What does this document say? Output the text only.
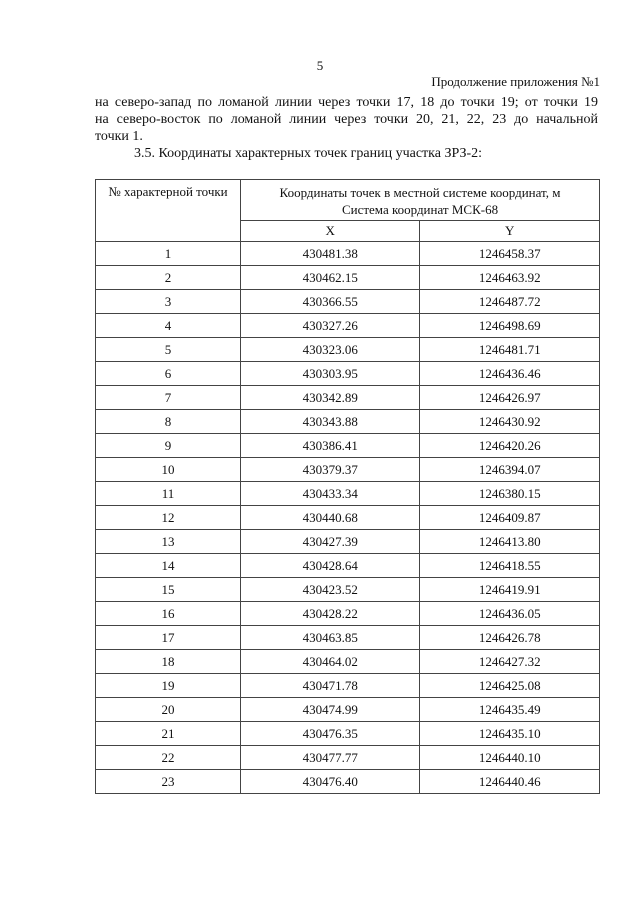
5
Продолжение приложения №1
на северо-запад по ломаной линии через точки 17, 18 до точки 19; от точки 19
на северо-восток по ломаной линии через точки 20, 21, 22, 23 до начальной
точки 1.
3.5. Координаты характерных точек границ участка ЗРЗ-2:
№ характерной точки	Координаты точек в местной системе координат, м
Система координат МСК-68	

	X	Y
1	430481.38	1246458.37
2	430462.15	1246463.92
3	430366.55	1246487.72
4	430327.26	1246498.69
5	430323.06	1246481.71
6	430303.95	1246436.46
7	430342.89	1246426.97
8	430343.88	1246430.92
9	430386.41	1246420.26
10	430379.37	1246394.07
11	430433.34	1246380.15
12	430440.68	1246409.87
13	430427.39	1246413.80
14	430428.64	1246418.55
15	430423.52	1246419.91
16	430428.22	1246436.05
17	430463.85	1246426.78
18	430464.02	1246427.32
19	430471.78	1246425.08
20	430474.99	1246435.49
21	430476.35	1246435.10
22	430477.77	1246440.10
23	430476.40	1246440.46
